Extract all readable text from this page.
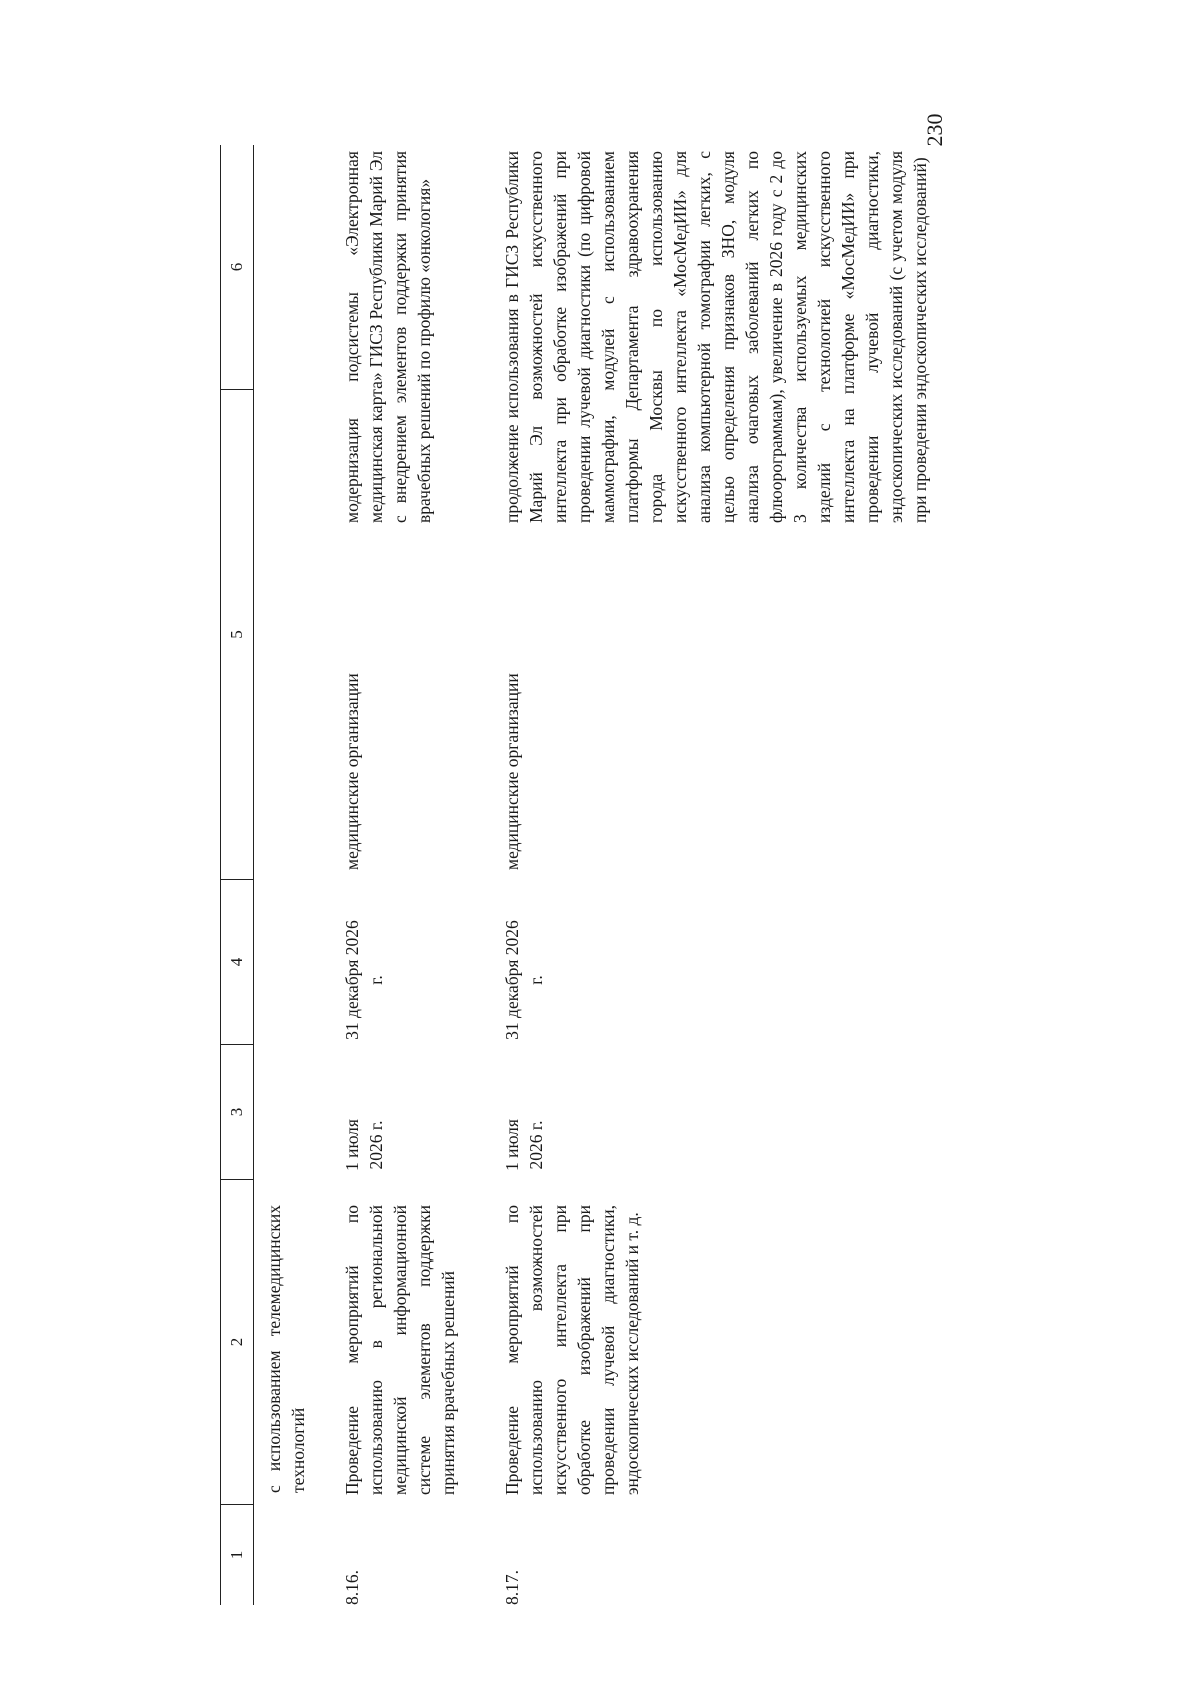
230
1
2
3
4
5
6
с использованием телемедицинских технологий
8.16.
Проведение мероприятий по использованию в региональной медицинской информационной системе элементов поддержки принятия врачебных решений
1 июля 2026 г.
31 декабря 2026 г.
медицинские организации
модернизация подсистемы «Электронная медицинская карта» ГИСЗ Республики Марий Эл с внедрением элементов поддержки принятия врачебных решений по профилю «онкология»
8.17.
Проведение мероприятий по использованию возможностей искусственного интеллекта при обработке изображений при проведении лучевой диагностики, эндоскопических исследований и т. д.
1 июля 2026 г.
31 декабря 2026 г.
медицинские организации
продолжение использования в ГИСЗ Республики Марий Эл возможностей искусственного интеллекта при обработке изображений при проведении лучевой диагностики (по цифровой маммографии, модулей с использованием платформы Департамента здравоохранения города Москвы по использованию искусственного интеллекта «МосМедИИ» для анализа компьютерной томографии легких, с целью определения признаков ЗНО, модуля анализа очаговых заболеваний легких по флюорограммам), увеличение в 2026 году с 2 до 3 количества используемых медицинских изделий с технологией искусственного интеллекта на платформе «МосМедИИ» при проведении лучевой диагностики, эндоскопических исследований (с учетом модуля при проведении эндоскопических исследований)
